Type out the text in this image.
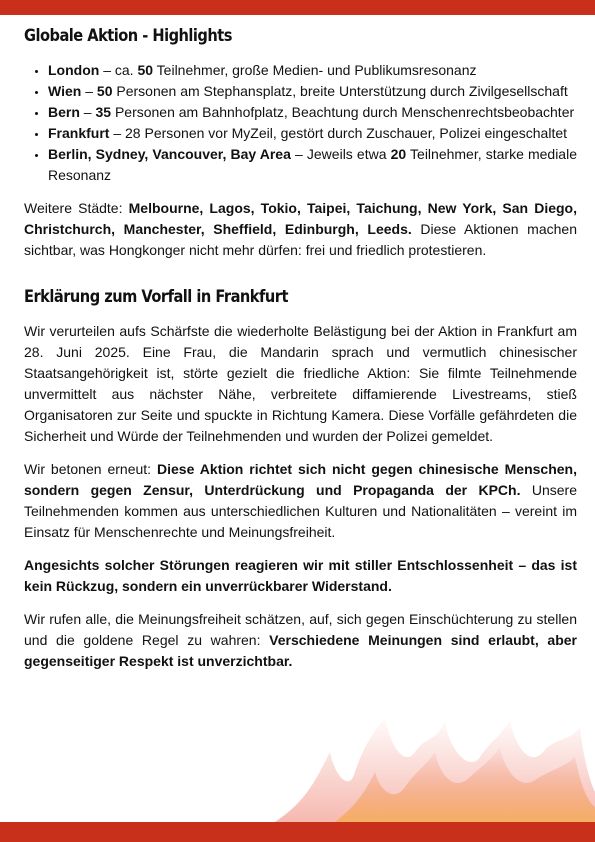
Globale Aktion - Highlights
• London – ca. 50 Teilnehmer, große Medien- und Publikumsresonanz
• Wien – 50 Personen am Stephansplatz, breite Unterstützung durch Zivilgesellschaft
• Bern – 35 Personen am Bahnhofplatz, Beachtung durch Menschenrechtsbeobachter
• Frankfurt – 28 Personen vor MyZeil, gestört durch Zuschauer, Polizei eingeschaltet
• Berlin, Sydney, Vancouver, Bay Area – Jeweils etwa 20 Teilnehmer, starke mediale Resonanz

Weitere Städte: Melbourne, Lagos, Tokio, Taipei, Taichung, New York, San Diego, Christchurch, Manchester, Sheffield, Edinburgh, Leeds. Diese Aktionen machen sichtbar, was Hongkonger nicht mehr dürfen: frei und friedlich protestieren.

Erklärung zum Vorfall in Frankfurt

Wir verurteilen aufs Schärfste die wiederholte Belästigung bei der Aktion in Frankfurt am 28. Juni 2025. Eine Frau, die Mandarin sprach und vermutlich chinesischer Staatsangehörigkeit ist, störte gezielt die friedliche Aktion: Sie filmte Teilnehmende unvermittelt aus nächster Nähe, verbreitete diffamierende Livestreams, stieß Organisatoren zur Seite und spuckte in Richtung Kamera. Diese Vorfälle gefährdeten die Sicherheit und Würde der Teilnehmenden und wurden der Polizei gemeldet.

Wir betonen erneut: Diese Aktion richtet sich nicht gegen chinesische Menschen, sondern gegen Zensur, Unterdrückung und Propaganda der KPCh. Unsere Teilnehmenden kommen aus unterschiedlichen Kulturen und Nationalitäten – vereint im Einsatz für Menschenrechte und Meinungsfreiheit.

Angesichts solcher Störungen reagieren wir mit stiller Entschlossenheit – das ist kein Rückzug, sondern ein unverrückbarer Widerstand.

Wir rufen alle, die Meinungsfreiheit schätzen, auf, sich gegen Einschüchterung zu stellen und die goldene Regel zu wahren: Verschiedene Meinungen sind erlaubt, aber gegenseitiger Respekt ist unverzichtbar.
